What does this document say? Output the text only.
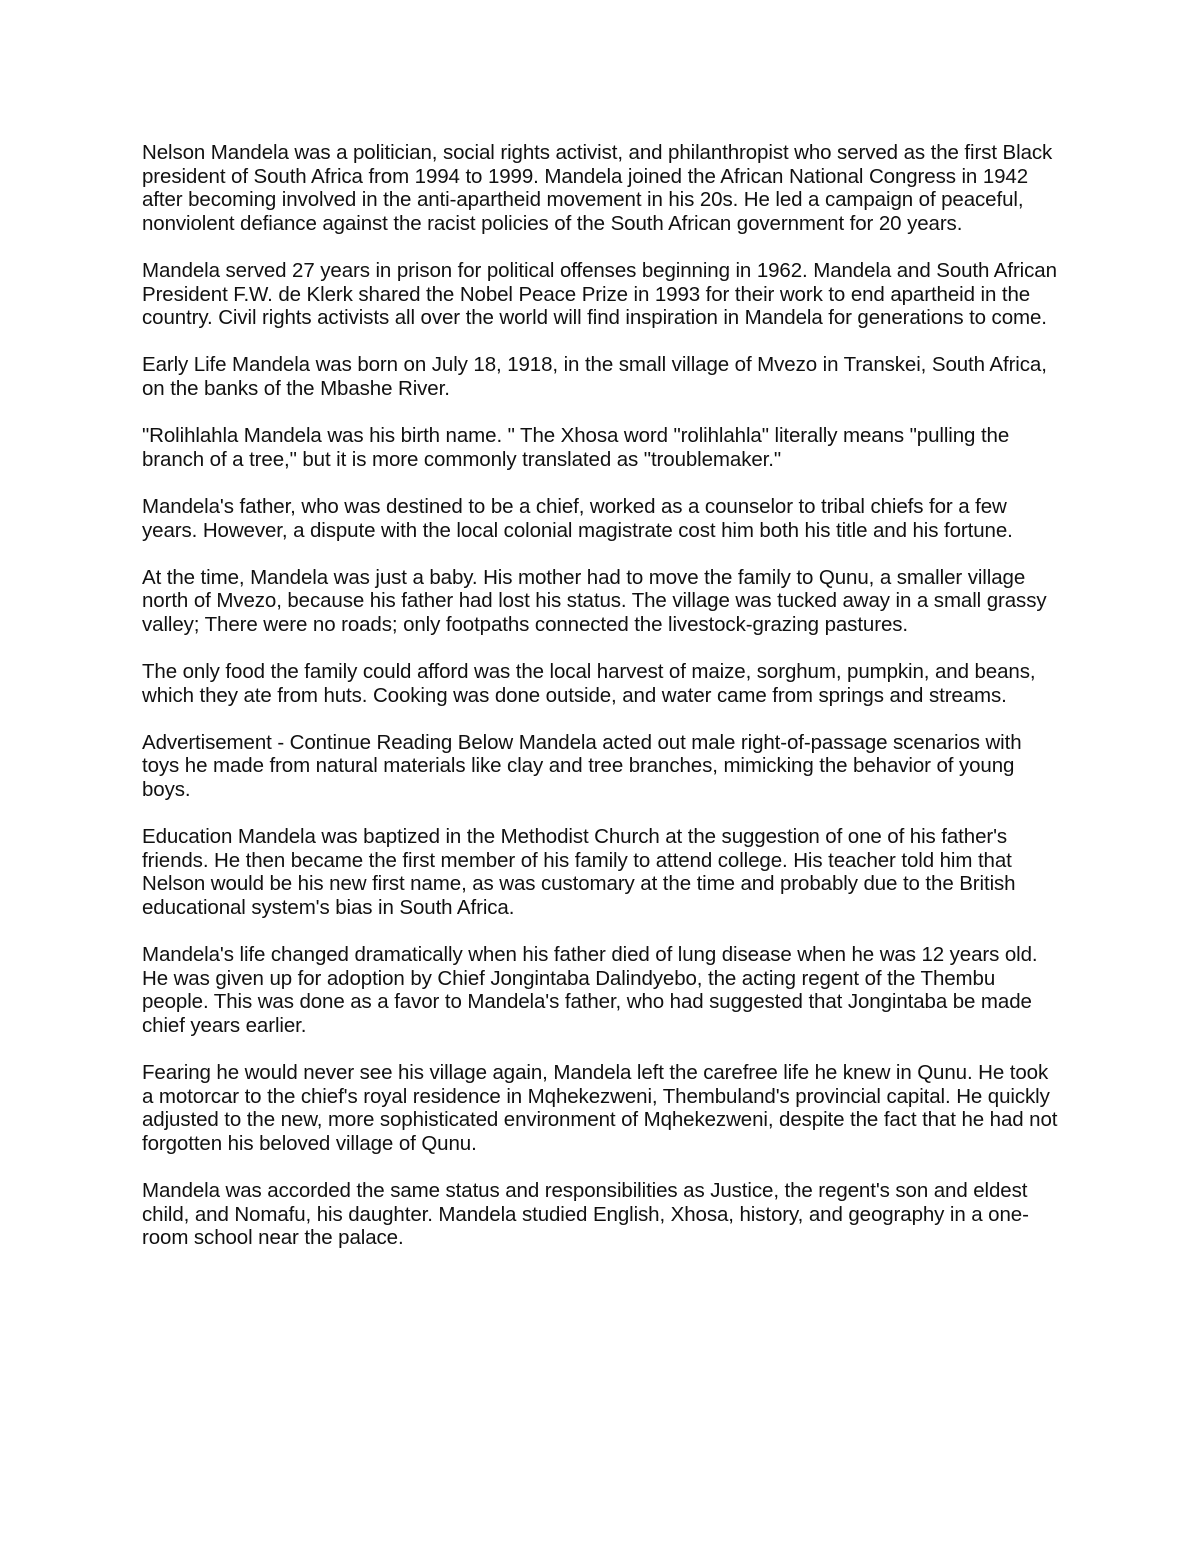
Nelson Mandela was a politician, social rights activist, and philanthropist who served as the first Black president of South Africa from 1994 to 1999. Mandela joined the African National Congress in 1942 after becoming involved in the anti-apartheid movement in his 20s. He led a campaign of peaceful, nonviolent defiance against the racist policies of the South African government for 20 years.

Mandela served 27 years in prison for political offenses beginning in 1962. Mandela and South African President F.W. de Klerk shared the Nobel Peace Prize in 1993 for their work to end apartheid in the country. Civil rights activists all over the world will find inspiration in Mandela for generations to come.

Early Life Mandela was born on July 18, 1918, in the small village of Mvezo in Transkei, South Africa, on the banks of the Mbashe River.

"Rolihlahla Mandela was his birth name. " The Xhosa word "rolihlahla" literally means "pulling the branch of a tree," but it is more commonly translated as "troublemaker."

Mandela's father, who was destined to be a chief, worked as a counselor to tribal chiefs for a few years. However, a dispute with the local colonial magistrate cost him both his title and his fortune.

At the time, Mandela was just a baby. His mother had to move the family to Qunu, a smaller village north of Mvezo, because his father had lost his status. The village was tucked away in a small grassy valley; There were no roads; only footpaths connected the livestock-grazing pastures.

The only food the family could afford was the local harvest of maize, sorghum, pumpkin, and beans, which they ate from huts. Cooking was done outside, and water came from springs and streams.

Advertisement - Continue Reading Below Mandela acted out male right-of-passage scenarios with toys he made from natural materials like clay and tree branches, mimicking the behavior of young boys.

Education Mandela was baptized in the Methodist Church at the suggestion of one of his father's friends. He then became the first member of his family to attend college. His teacher told him that Nelson would be his new first name, as was customary at the time and probably due to the British educational system's bias in South Africa.

Mandela's life changed dramatically when his father died of lung disease when he was 12 years old. He was given up for adoption by Chief Jongintaba Dalindyebo, the acting regent of the Thembu people. This was done as a favor to Mandela's father, who had suggested that Jongintaba be made chief years earlier.

Fearing he would never see his village again, Mandela left the carefree life he knew in Qunu. He took a motorcar to the chief's royal residence in Mqhekezweni, Thembuland's provincial capital. He quickly adjusted to the new, more sophisticated environment of Mqhekezweni, despite the fact that he had not forgotten his beloved village of Qunu.

Mandela was accorded the same status and responsibilities as Justice, the regent's son and eldest child, and Nomafu, his daughter. Mandela studied English, Xhosa, history, and geography in a one-room school near the palace.
